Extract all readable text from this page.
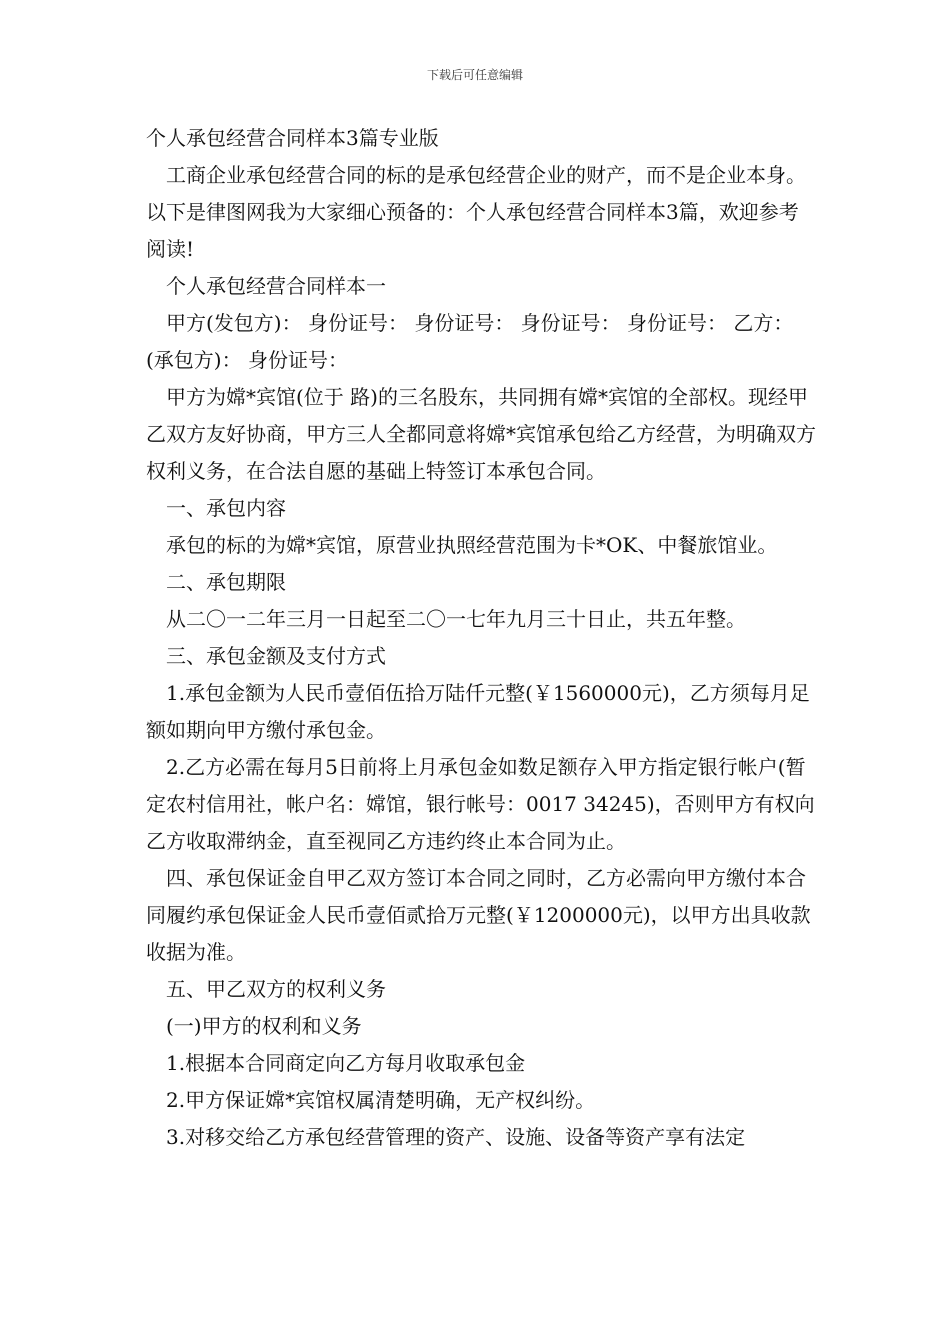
下载后可任意编辑

个人承包经营合同样本3篇专业版

工商企业承包经营合同的标的是承包经营企业的财产，而不是企业本身。以下是律图网我为大家细心预备的：个人承包经营合同样本3篇，欢迎参考阅读!

个人承包经营合同样本一

甲方(发包方)： 身份证号： 身份证号： 身份证号： 身份证号： 乙方：(承包方)： 身份证号：

甲方为嫦*宾馆(位于 路)的三名股东，共同拥有嫦*宾馆的全部权。现经甲乙双方友好协商，甲方三人全都同意将嫦*宾馆承包给乙方经营，为明确双方权利义务，在合法自愿的基础上特签订本承包合同。

一、承包内容

承包的标的为嫦*宾馆，原营业执照经营范围为卡*OK、中餐旅馆业。

二、承包期限

从二〇一二年三月一日起至二〇一七年九月三十日止，共五年整。

三、承包金额及支付方式

1.承包金额为人民币壹佰伍拾万陆仟元整(￥1560000元)，乙方须每月足额如期向甲方缴付承包金。

2.乙方必需在每月5日前将上月承包金如数足额存入甲方指定银行帐户(暂定农村信用社，帐户名：嫦馆，银行帐号：0017 34245)，否则甲方有权向乙方收取滞纳金，直至视同乙方违约终止本合同为止。

四、承包保证金自甲乙双方签订本合同之同时，乙方必需向甲方缴付本合同履约承包保证金人民币壹佰贰拾万元整(￥1200000元)，以甲方出具收款收据为准。

五、甲乙双方的权利义务

(一)甲方的权利和义务

1.根据本合同商定向乙方每月收取承包金

2.甲方保证嫦*宾馆权属清楚明确，无产权纠纷。

3.对移交给乙方承包经营管理的资产、设施、设备等资产享有法定
